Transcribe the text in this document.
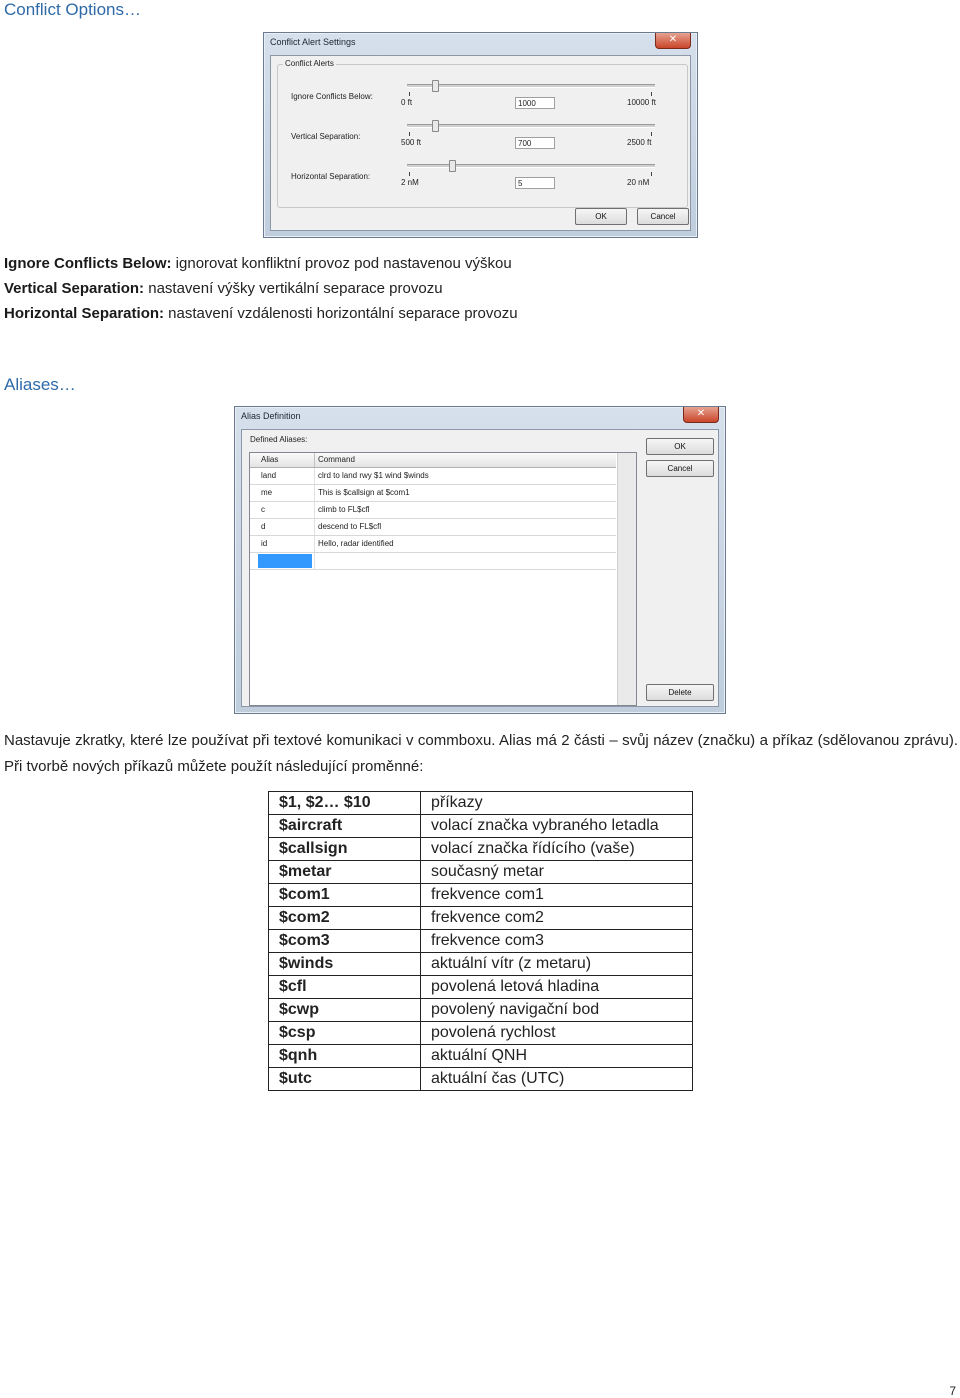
Conflict Options…
Conflict Alert Settings	✕
Conflict Alerts
Ignore Conflicts Below:
0 ft	10000 ft
1000
Vertical Separation:
500 ft	2500 ft
700
Horizontal Separation:
2 nM	20 nM
5
OK	Cancel
Ignore Conflicts Below: ignorovat konfliktní provoz pod nastavenou výškou
Vertical Separation: nastavení výšky vertikální separace provozu
Horizontal Separation: nastavení vzdálenosti horizontální separace provozu
Aliases…
Alias Definition	✕
Defined Aliases:
Alias	Command
land	clrd to land rwy $1 wind $winds
me	This is $callsign at $com1
c	climb to FL$cfl
d	descend to FL$cfl
id	Hello, radar identified
OK
Cancel
Delete
Nastavuje zkratky, které lze používat při textové komunikaci v commboxu. Alias má 2 části – svůj název (značku) a příkaz (sdělovanou zprávu). Při tvorbě nových příkazů můžete použít následující proměnné:
$1, $2… $10	příkazy
$aircraft	volací značka vybraného letadla
$callsign	volací značka řídícího (vaše)
$metar	současný metar
$com1	frekvence com1
$com2	frekvence com2
$com3	frekvence com3
$winds	aktuální vítr (z metaru)
$cfl	povolená letová hladina
$cwp	povolený navigační bod
$csp	povolená rychlost
$qnh	aktuální QNH
$utc	aktuální čas (UTC)
7
